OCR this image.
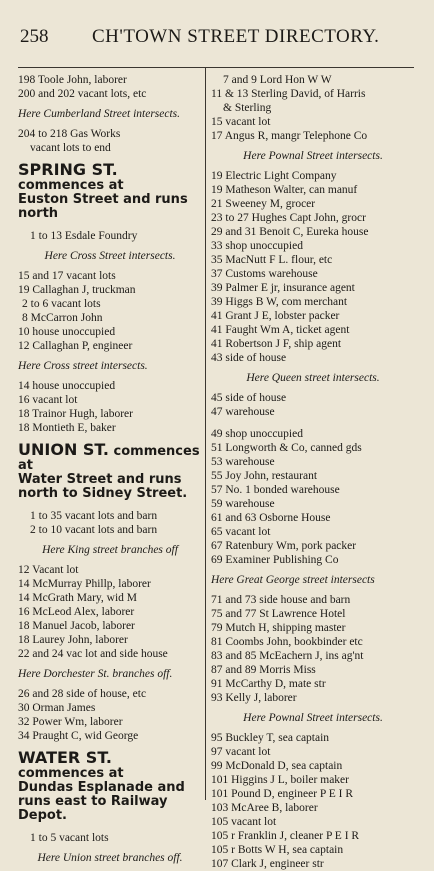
258 CH'TOWN STREET DIRECTORY.
198 Toole John, laborer
200 and 202 vacant lots, etc
Here Cumberland Street intersects.
204 to 218 Gas Works
vacant lots to end
SPRING ST. commences at
Euston Street and runs
north
1 to 13 Esdale Foundry
Here Cross Street intersects.
15 and 17 vacant lots
19 Callaghan J, truckman
2 to 6 vacant lots
8 McCarron John
10 house unoccupied
12 Callaghan P, engineer
Here Cross street intersects.
14 house unoccupied
16 vacant lot
18 Trainor Hugh, laborer
18 Montieth E, baker
UNION ST. commences at
Water Street and runs
north to Sidney Street.
1 to 35 vacant lots and barn
2 to 10 vacant lots and barn
Here King street branches off
12 Vacant lot
14 McMurray Phillp, laborer
14 McGrath Mary, wid M
16 McLeod Alex, laborer
18 Manuel Jacob, laborer
18 Laurey John, laborer
22 and 24 vac lot and side house
Here Dorchester St. branches off.
26 and 28 side of house, etc
30 Orman James
32 Power Wm, laborer
34 Praught C, wid George
WATER ST. commences at
Dundas Esplanade and
runs east to Railway
Depot.
1 to 5 vacant lots
Here Union street branches off.
7 and 9 Lord Hon W W
11 & 13 Sterling David, of Harris
& Sterling
15 vacant lot
17 Angus R, mangr Telephone Co
Here Pownal Street intersects.
19 Electric Light Company
19 Matheson Walter, can manuf
21 Sweeney M, grocer
23 to 27 Hughes Capt John, grocr
29 and 31 Benoit C, Eureka house
33 shop unoccupied
35 MacNutt F L. flour, etc
37 Customs warehouse
39 Palmer E jr, insurance agent
39 Higgs B W, com merchant
41 Grant J E, lobster packer
41 Faught Wm A, ticket agent
41 Robertson J F, ship agent
43 side of house
Here Queen street intersects.
45 side of house
47 warehouse
49 shop unoccupied
51 Longworth & Co, canned gds
53 warehouse
55 Joy John, restaurant
57 No. 1 bonded warehouse
59 warehouse
61 and 63 Osborne House
65 vacant lot
67 Ratenbury Wm, pork packer
69 Examiner Publishing Co
Here Great George street intersects
71 and 73 side house and barn
75 and 77 St Lawrence Hotel
79 Mutch H, shipping master
81 Coombs John, bookbinder etc
83 and 85 McEachern J, ins ag'nt
87 and 89 Morris Miss
91 McCarthy D, mate str
93 Kelly J, laborer
Here Pownal Street intersects.
95 Buckley T, sea captain
97 vacant lot
99 McDonald D, sea captain
101 Higgins J L, boiler maker
101 Pound D, engineer P E I R
103 McAree B, laborer
105 vacant lot
105 r Franklin J, cleaner P E I R
105 r Botts W H, sea captain
107 Clark J, engineer str
